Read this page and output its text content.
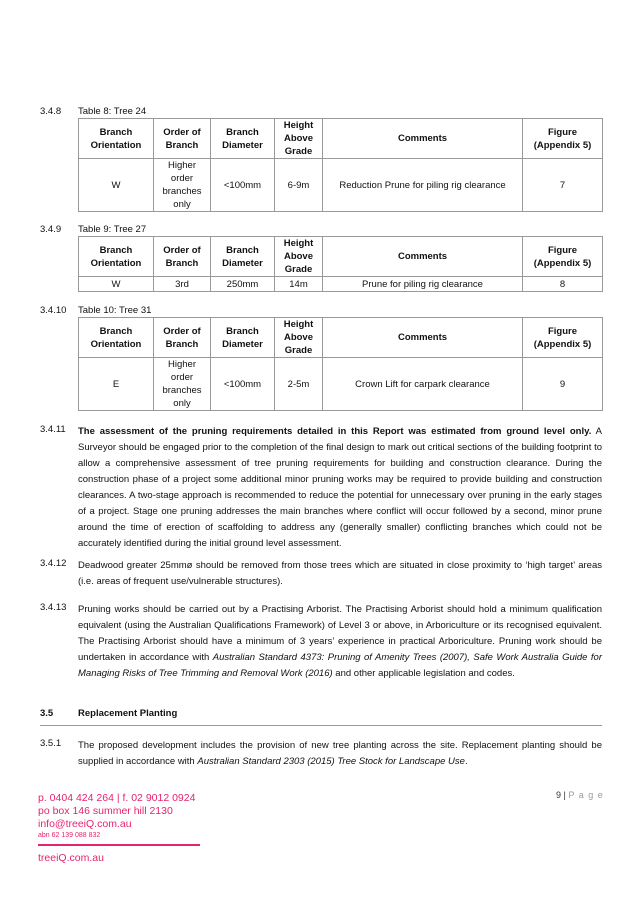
3.4.8 Table 8: Tree 24
Branch Orientation	Order of Branch	Branch Diameter	Height Above Grade	Comments	Figure (Appendix 5)
W	Higher order branches only	<100mm	6-9m	Reduction Prune for piling rig clearance	7
3.4.9 Table 9: Tree 27
Branch Orientation	Order of Branch	Branch Diameter	Height Above Grade	Comments	Figure (Appendix 5)
W	3rd	250mm	14m	Prune for piling rig clearance	8
3.4.10 Table 10: Tree 31
Branch Orientation	Order of Branch	Branch Diameter	Height Above Grade	Comments	Figure (Appendix 5)
E	Higher order branches only	<100mm	2-5m	Crown Lift for carpark clearance	9
3.4.11 The assessment of the pruning requirements detailed in this Report was estimated from ground level only. A Surveyor should be engaged prior to the completion of the final design to mark out critical sections of the building footprint to allow a comprehensive assessment of tree pruning requirements for building and construction clearance. During the construction phase of a project some additional minor pruning works may be required to provide building and construction clearances. A two-stage approach is recommended to reduce the potential for unnecessary over pruning in the early stages of a project. Stage one pruning addresses the main branches where conflict will occur followed by a second, minor prune around the time of erection of scaffolding to address any (generally smaller) conflicting branches which could not be accurately identified during the initial ground level assessment.
3.4.12 Deadwood greater 25mmø should be removed from those trees which are situated in close proximity to ‘high target’ areas (i.e. areas of frequent use/vulnerable structures).
3.4.13 Pruning works should be carried out by a Practising Arborist. The Practising Arborist should hold a minimum qualification equivalent (using the Australian Qualifications Framework) of Level 3 or above, in Arboriculture or its recognised equivalent. The Practising Arborist should have a minimum of 3 years’ experience in practical Arboriculture. Pruning work should be undertaken in accordance with Australian Standard 4373: Pruning of Amenity Trees (2007), Safe Work Australia Guide for Managing Risks of Tree Trimming and Removal Work (2016) and other applicable legislation and codes.
3.5	Replacement Planting
3.5.1 The proposed development includes the provision of new tree planting across the site. Replacement planting should be supplied in accordance with Australian Standard 2303 (2015) Tree Stock for Landscape Use.
9 | P a g e
p. 0404 424 264 | f. 02 9012 0924
po box 146 summer hill 2130
info@treeiQ.com.au
abn 62 139 088 832
treeiQ.com.au
